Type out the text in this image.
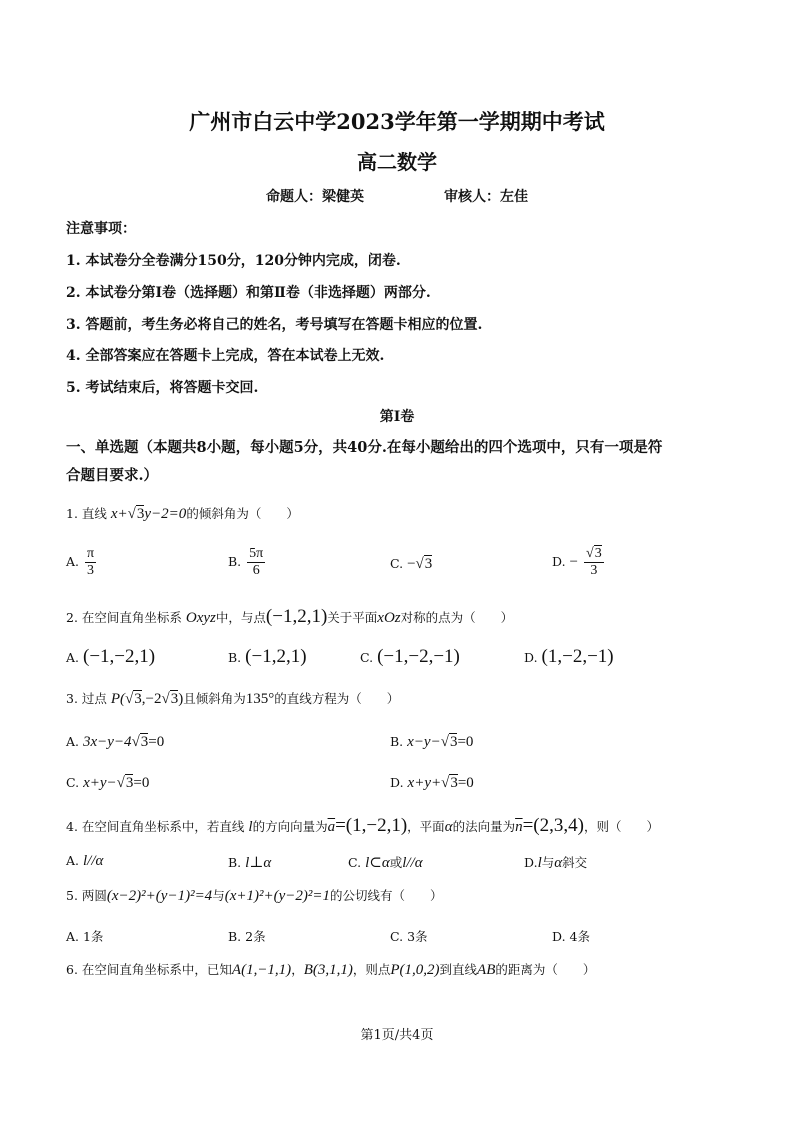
广州市白云中学2023学年第一学期期中考试
高二数学
命题人：梁健英	审核人：左佳
注意事项：
1. 本试卷分全卷满分150分，120分钟内完成，闭卷.
2. 本试卷分第Ⅰ卷（选择题）和第Ⅱ卷（非选择题）两部分.
3. 答题前，考生务必将自己的姓名，考号填写在答题卡相应的位置.
4. 全部答案应在答题卡上完成，答在本试卷上无效.
5. 考试结束后，将答题卡交回.
第Ⅰ卷
一、单选题（本题共8小题，每小题5分，共40分.在每小题给出的四个选项中，只有一项是符
合题目要求.）
1. 直线 x+√3y−2=0的倾斜角为（　　）
A. $\frac{\pi}{3}$	B. $\frac{5\pi}{6}$	C. −√3	D. − $\frac{√3}{3}$
2. 在空间直角坐标系 Oxyz中，与点(−1,2,1)关于平面xOz对称的点为（　　）
A. (−1,−2,1)	B. (−1,2,1)	C. (−1,−2,−1)	D. (1,−2,−1)
3. 过点 P(√3,−2√3)且倾斜角为135°的直线方程为（　　）
A. 3x−y−4√3=0	B. x−y−√3=0
C. x+y−√3=0	D. x+y+√3=0
4. 在空间直角坐标系中，若直线 l的方向向量为$\overline{a}=(1,-2,1)$，平面α的法向量为$\overline{n}=(2,3,4)$，则（　　）
A. l//α	B. l⊥α	C. l⊂α或l//α	D.l与α斜交
5. 两圆(x−2)²+(y−1)²=4与(x+1)²+(y−2)²=1的公切线有（　　）
A. 1条	B. 2条	C. 3条	D. 4条
6. 在空间直角坐标系中，已知A(1,−1,1)，B(3,1,1)，则点P(1,0,2)到直线AB的距离为（　　）
第1页/共4页
